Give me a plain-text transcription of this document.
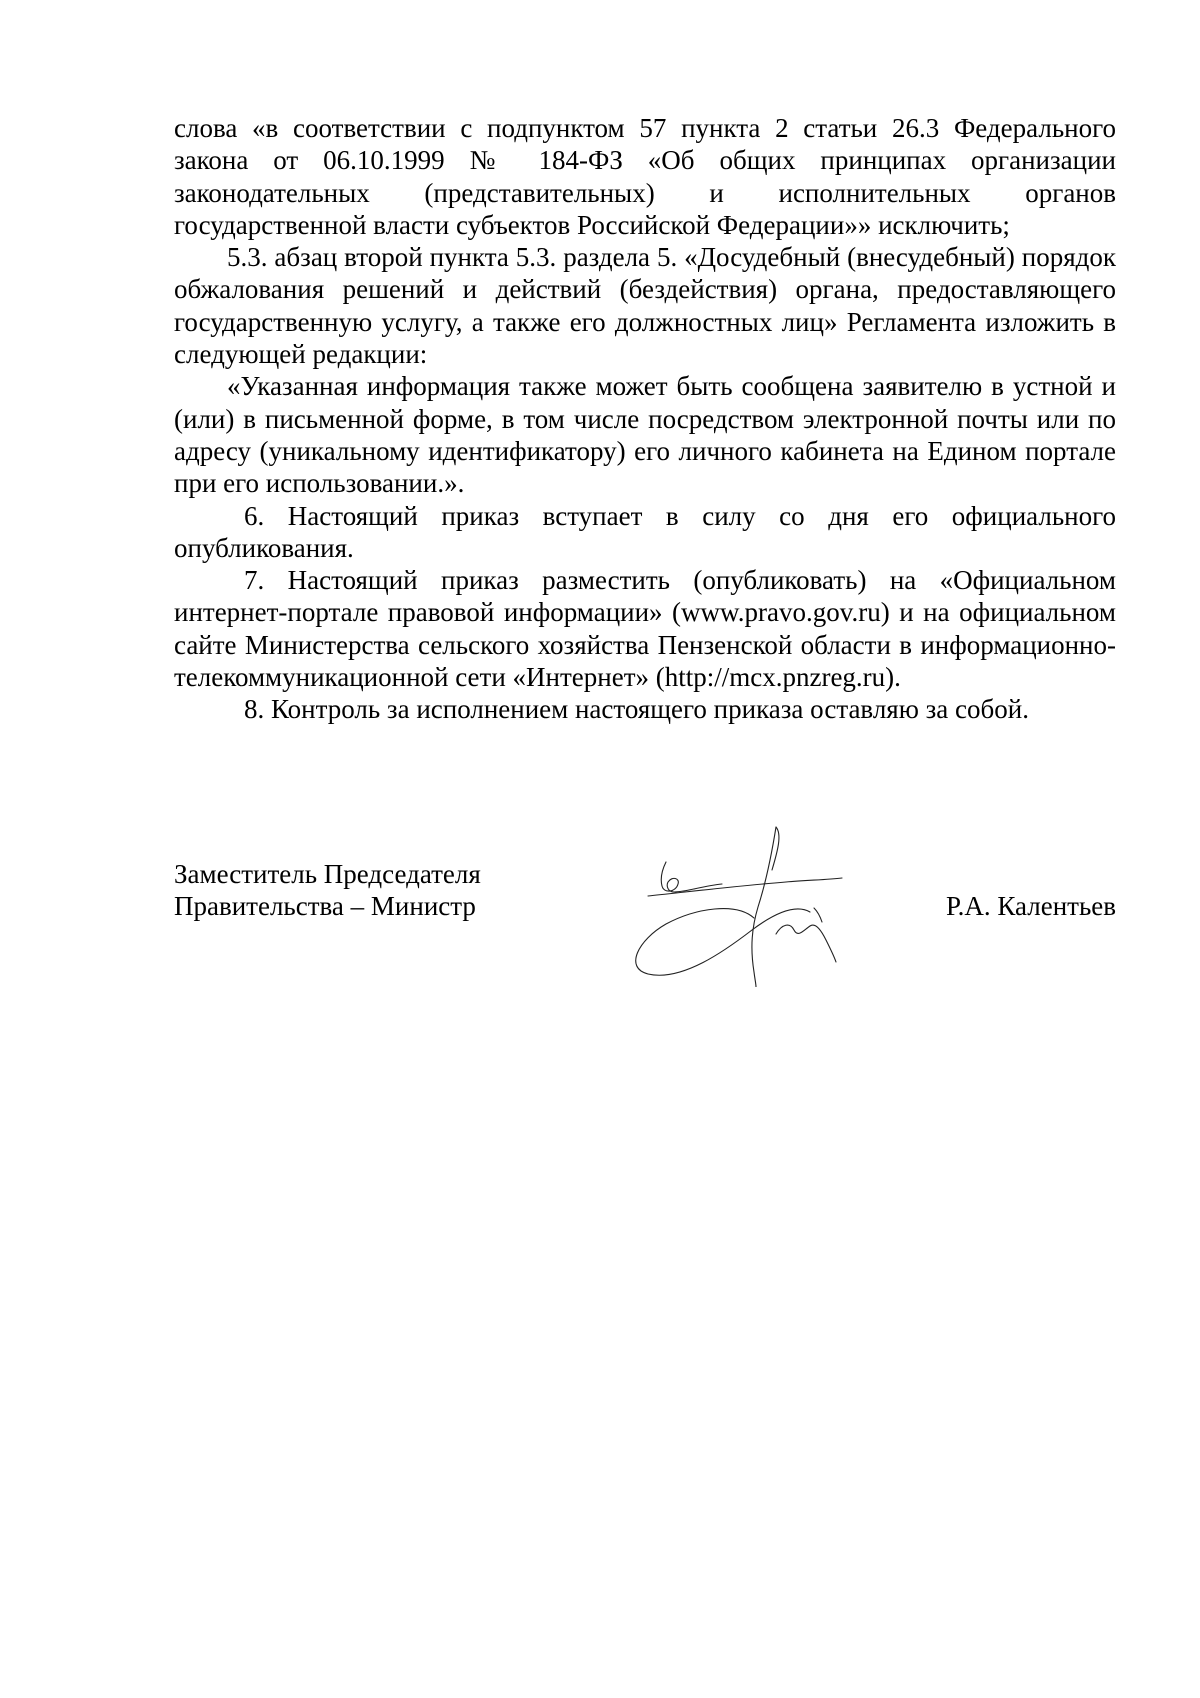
слова «в соответствии с подпунктом 57 пункта 2 статьи 26.3 Федерального закона от 06.10.1999 № 184-ФЗ «Об общих принципах организации законодательных (представительных) и исполнительных органов государственной власти субъектов Российской Федерации»» исключить;

5.3. абзац второй пункта 5.3. раздела 5. «Досудебный (внесудебный) порядок обжалования решений и действий (бездействия) органа, предоставляющего государственную услугу, а также его должностных лиц» Регламента изложить в следующей редакции:

«Указанная информация также может быть сообщена заявителю в устной и (или) в письменной форме, в том числе посредством электронной почты или по адресу (уникальному идентификатору) его личного кабинета на Едином портале при его использовании.».

6. Настоящий приказ вступает в силу со дня его официального опубликования.

7. Настоящий приказ разместить (опубликовать) на «Официальном интернет-портале правовой информации» (www.pravo.gov.ru) и на официальном сайте Министерства сельского хозяйства Пензенской области в информационно-телекоммуникационной сети «Интернет» (http://mcx.pnzreg.ru).

8. Контроль за исполнением настоящего приказа оставляю за собой.

Заместитель Председателя
Правительства – Министр	Р.А. Калентьев
